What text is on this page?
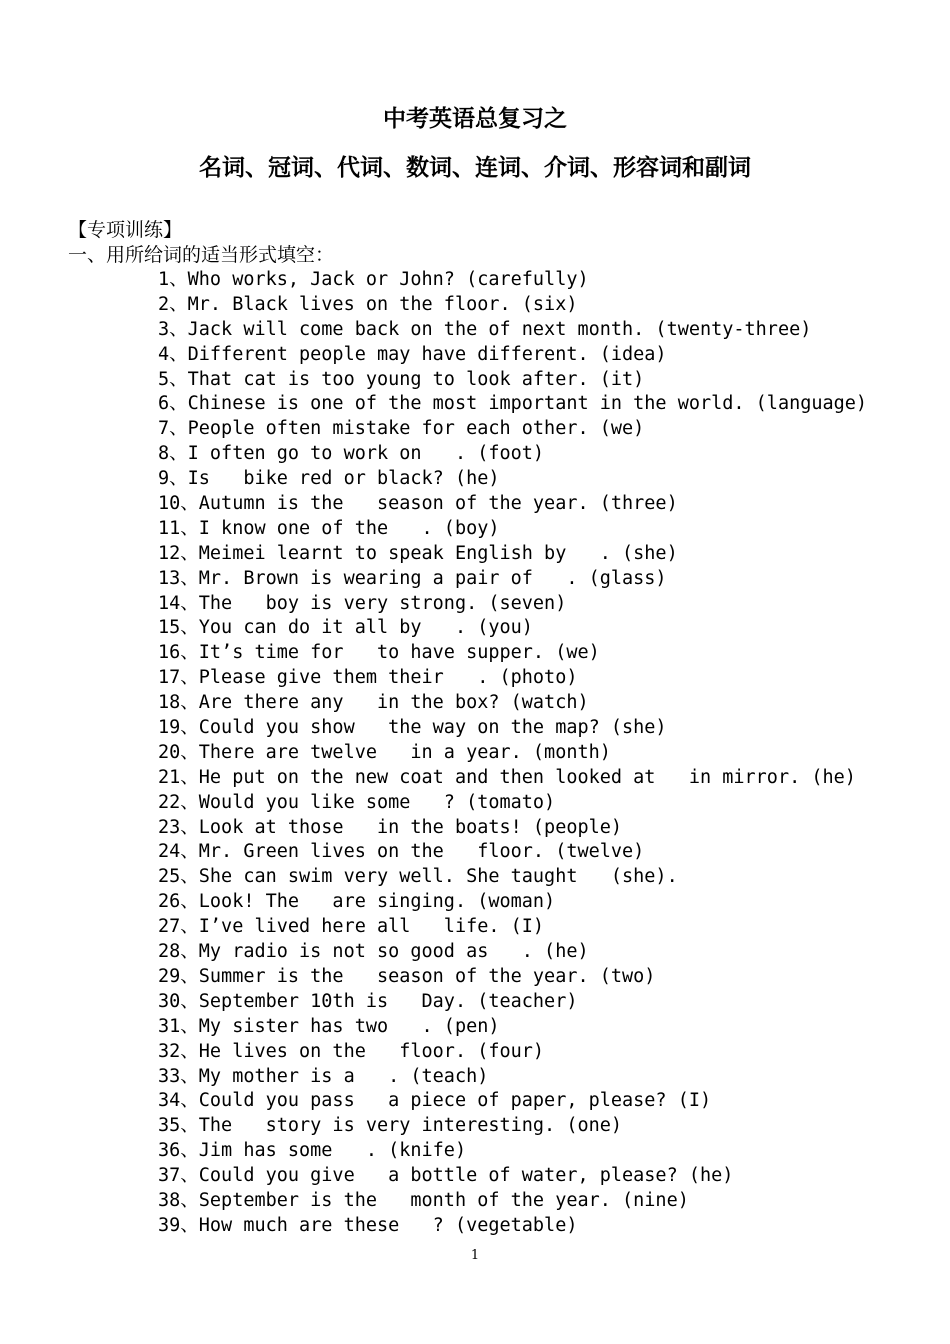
中考英语总复习之
名词、冠词、代词、数词、连词、介词、形容词和副词
【专项训练】
一、用所给词的适当形式填空：
1、Who works, Jack or John? (carefully)
2、Mr. Black lives on the floor. (six)
3、Jack will come back on the of next month. (twenty-three)
4、Different people may have different. (idea)
5、That cat is too young to look after. (it)
6、Chinese is one of the most important in the world. (language)
7、People often mistake for each other. (we)
8、I often go to work on   . (foot)
9、Is   bike red or black? (he)
10、Autumn is the   season of the year. (three)
11、I know one of the   . (boy)
12、Meimei learnt to speak English by   . (she)
13、Mr. Brown is wearing a pair of   . (glass)
14、The   boy is very strong. (seven)
15、You can do it all by   . (you)
16、It’s time for   to have supper. (we)
17、Please give them their   . (photo)
18、Are there any   in the box? (watch)
19、Could you show   the way on the map? (she)
20、There are twelve   in a year. (month)
21、He put on the new coat and then looked at   in mirror. (he)
22、Would you like some   ? (tomato)
23、Look at those   in the boats! (people)
24、Mr. Green lives on the   floor. (twelve)
25、She can swim very well. She taught   (she).
26、Look! The   are singing. (woman)
27、I’ve lived here all   life. (I)
28、My radio is not so good as   . (he)
29、Summer is the   season of the year. (two)
30、September 10th is   Day. (teacher)
31、My sister has two   . (pen)
32、He lives on the   floor. (four)
33、My mother is a   . (teach)
34、Could you pass   a piece of paper, please? (I)
35、The   story is very interesting. (one)
36、Jim has some   . (knife)
37、Could you give   a bottle of water, please? (he)
38、September is the   month of the year. (nine)
39、How much are these   ? (vegetable)
1
